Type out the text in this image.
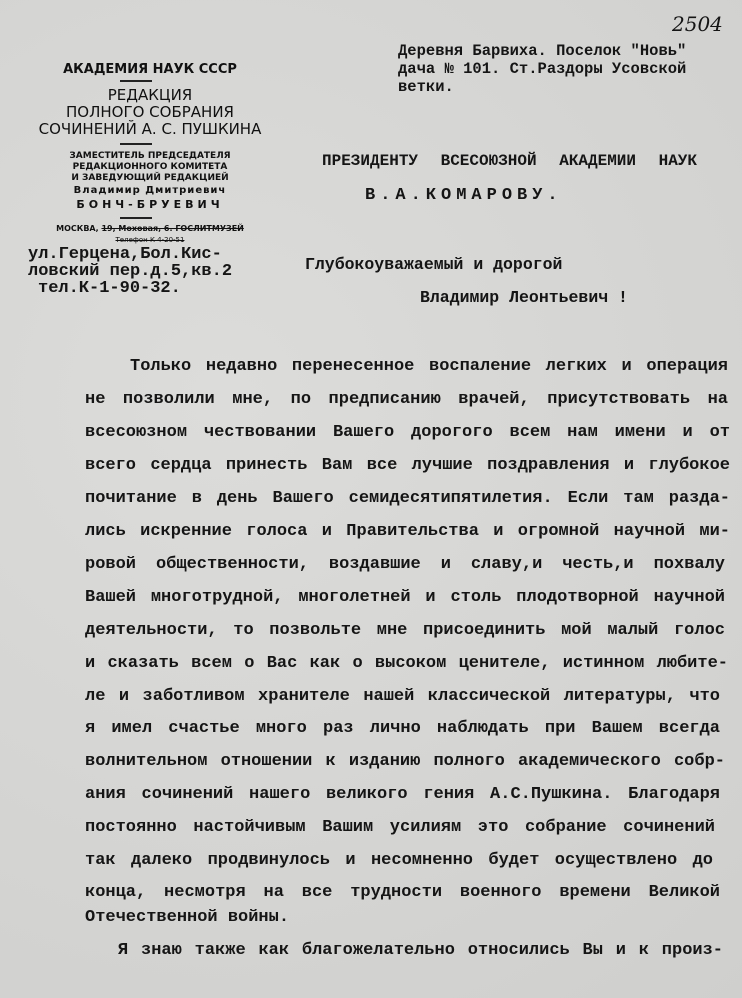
2504
АКАДЕМИЯ НАУК СССР
РЕДАКЦИЯ
ПОЛНОГО СОБРАНИЯ
СОЧИНЕНИЙ А. С. ПУШКИНА
ЗАМЕСТИТЕЛЬ ПРЕДСЕДАТЕЛЯ
РЕДАКЦИОННОГО КОМИТЕТА
И ЗАВЕДУЮЩИЙ РЕДАКЦИЕЙ
Владимир Дмитриевич
БОНЧ-БРУЕВИЧ
МОСКВА, 19, Моховая, 6. ГОСЛИТМУЗЕЙ
Телефон К 4-20-51
ул.Герцена,Бол.Кис-
ловский пер.д.5,кв.2
тел.К-1-90-32.
Деревня Барвиха. Поселок "Новь"
дача № 101. Ст.Раздоры Усовской
ветки.
ПРЕЗИДЕНТУ ВСЕСОЮЗНОЙ АКАДЕМИИ НАУК
В.А.КОМАРОВУ.
Глубокоуважаемый и дорогой
Владимир Леонтьевич !
Только недавно перенесенное воспаление легких и операция
не позволили мне, по предписанию врачей, присутствовать на
всесоюзном чествовании Вашего дорогого всем нам имени и от
всего сердца принесть Вам все лучшие поздравления и глубокое
почитание в день Вашего семидесятипятилетия. Если там разда-
лись искренние голоса и Правительства и огромной научной ми-
ровой общественности, воздавшие и славу,и честь,и похвалу
Вашей многотрудной, многолетней и столь плодотворной научной
деятельности, то позвольте мне присоединить мой малый голос
и сказать всем о Вас как о высоком ценителе, истинном любите-
ле и заботливом хранителе нашей классической литературы, что
я имел счастье много раз лично наблюдать при Вашем всегда
волнительном отношении к изданию полного академического собр-
ания сочинений нашего великого гения А.С.Пушкина. Благодаря
постоянно настойчивым Вашим усилиям это собрание сочинений
так далеко продвинулось и несомненно будет осуществлено до
конца, несмотря на все трудности военного времени Великой
Отечественной войны.
Я знаю также как благожелательно относились Вы и к произ-
